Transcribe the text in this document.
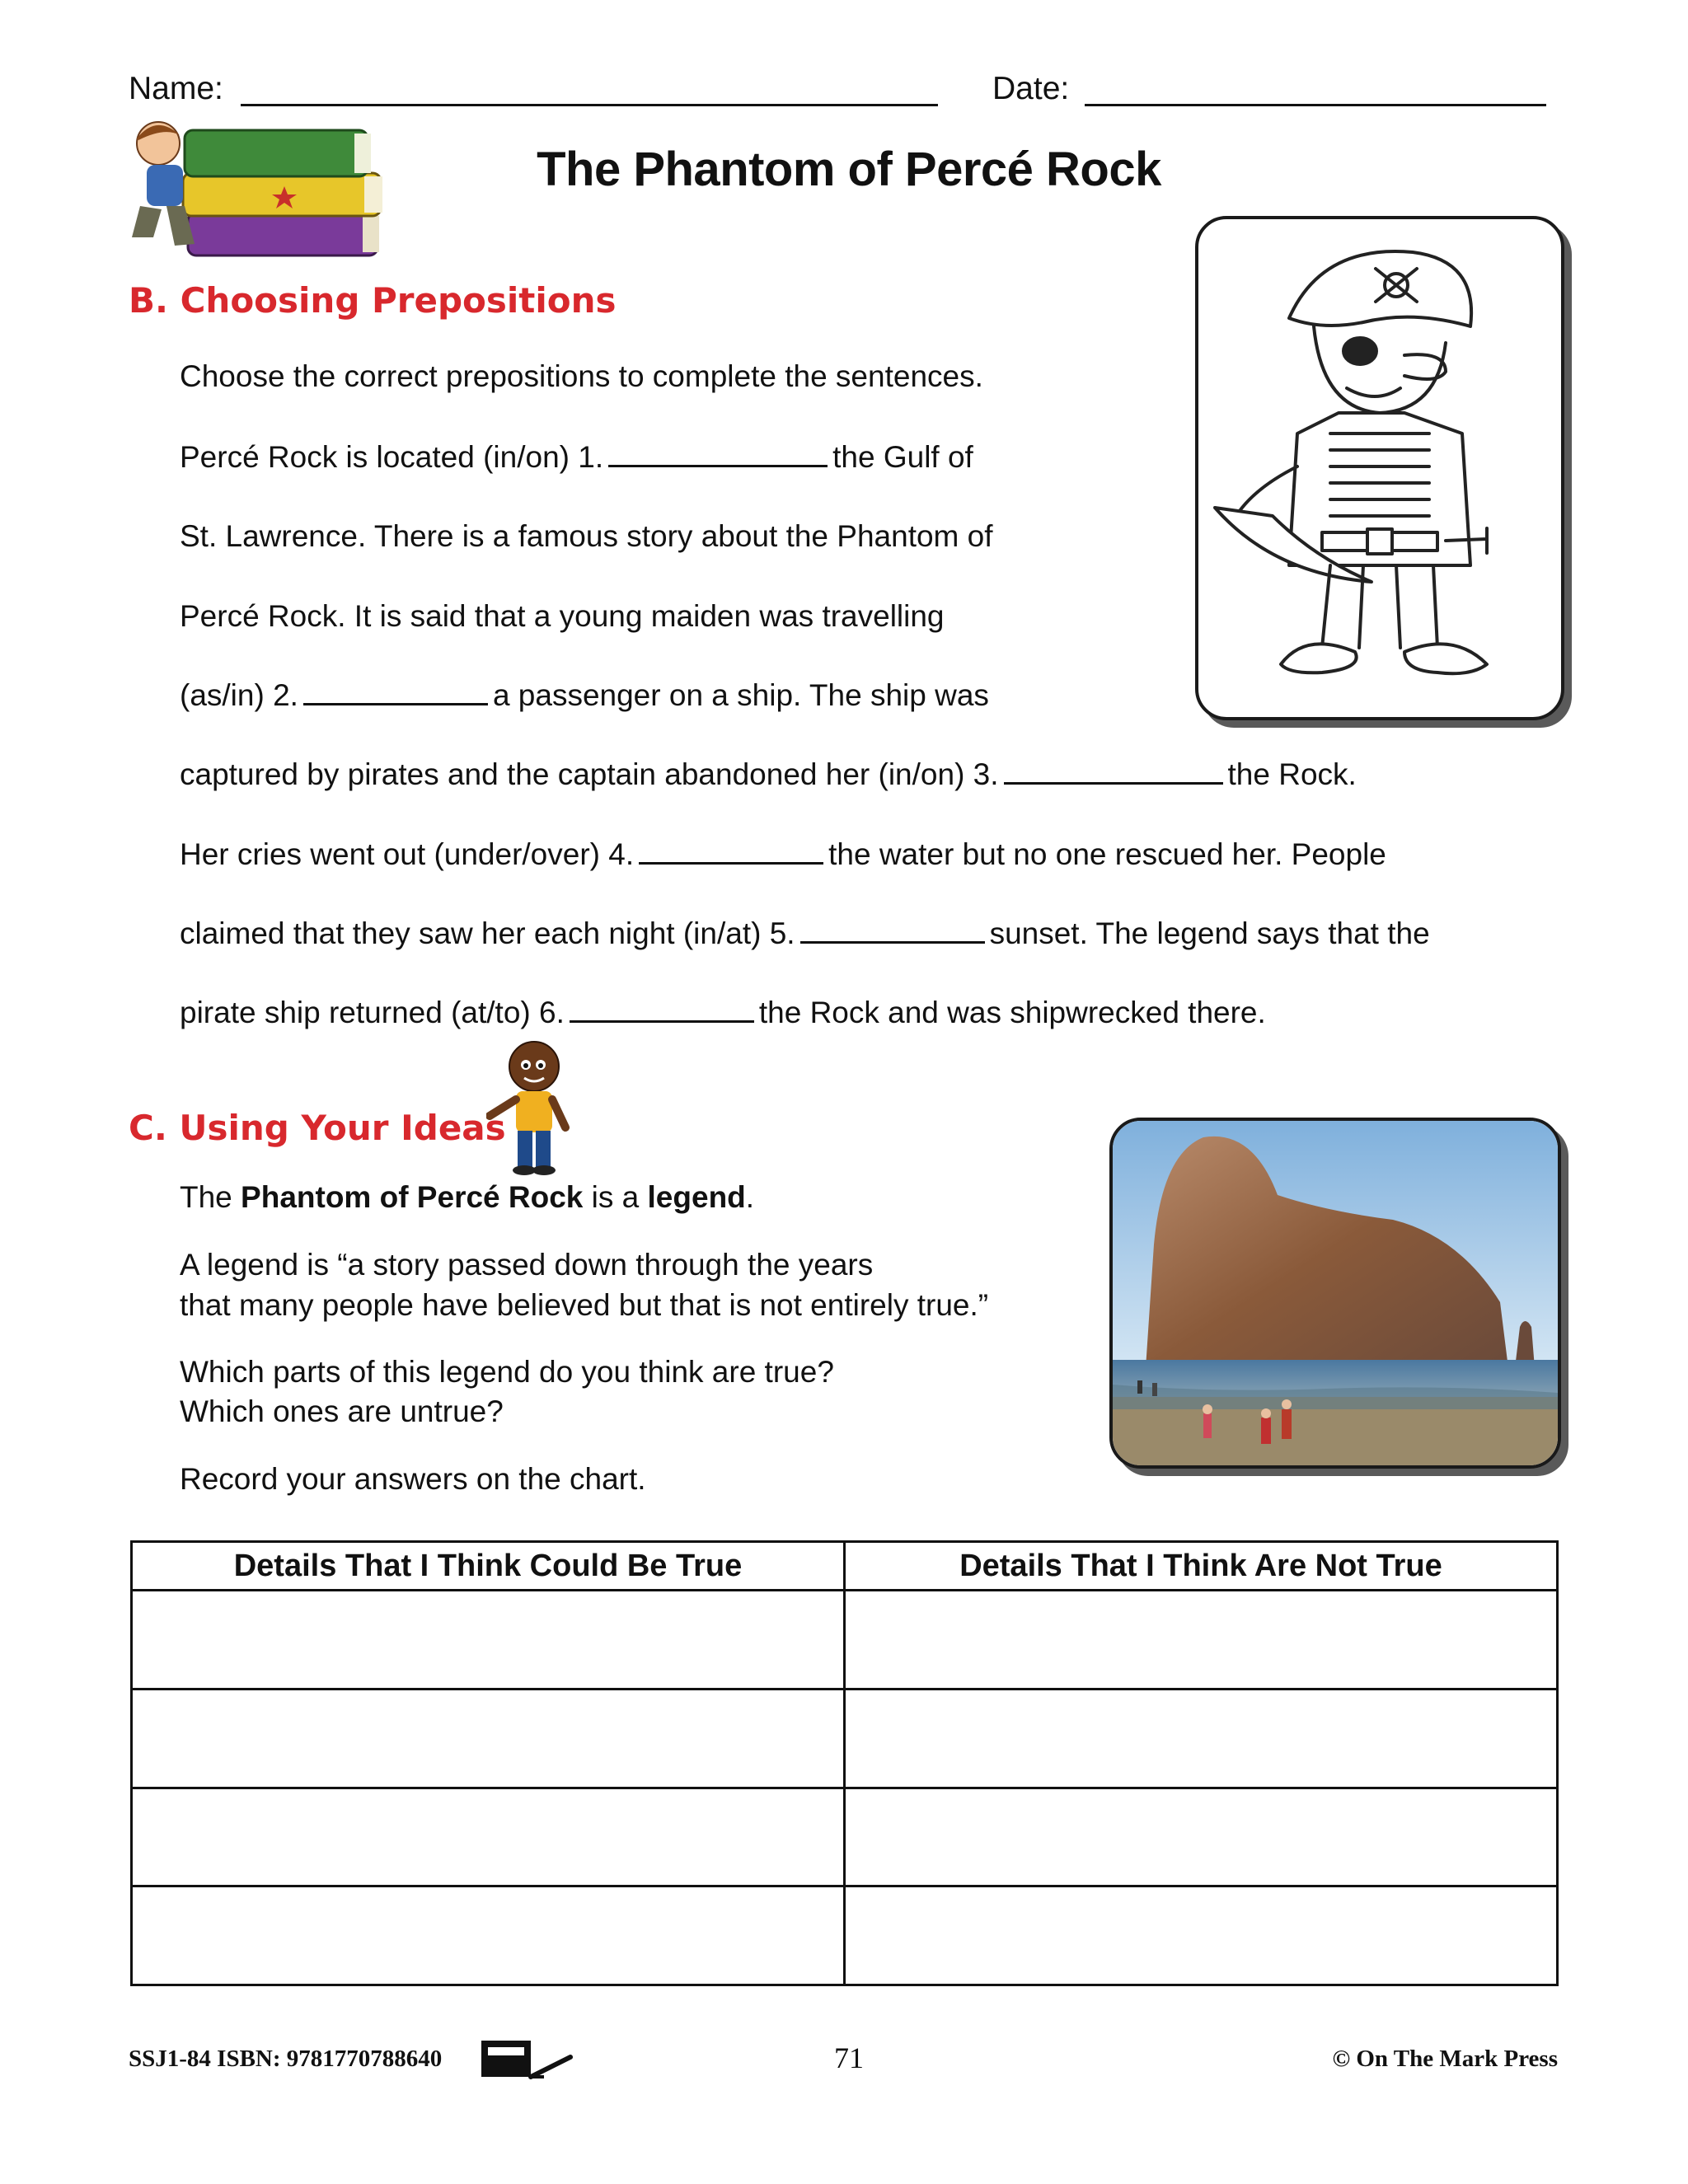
Name:	Date:
The Phantom of Percé Rock
B. Choosing Prepositions
Choose the correct prepositions to complete the sentences.
Percé Rock is located (in/on) 1.	the Gulf of
St. Lawrence. There is a famous story about the Phantom of
Percé Rock. It is said that a young maiden was travelling
(as/in) 2.	a passenger on a ship. The ship was
captured by pirates and the captain abandoned her (in/on) 3.	the Rock.
Her cries went out (under/over) 4.	the water but no one rescued her. People
claimed that they saw her each night (in/at) 5.	sunset. The legend says that the
pirate ship returned (at/to) 6.	the Rock and was shipwrecked there.
C. Using Your Ideas
The Phantom of Percé Rock is a legend.
A legend is “a story passed down through the years
that many people have believed but that is not entirely true.”
Which parts of this legend do you think are true?
Which ones are untrue?
Record your answers on the chart.
Details That I Think Could Be True	Details That I Think Are Not True

SSJ1-84 ISBN: 9781770788640	71	© On The Mark Press
